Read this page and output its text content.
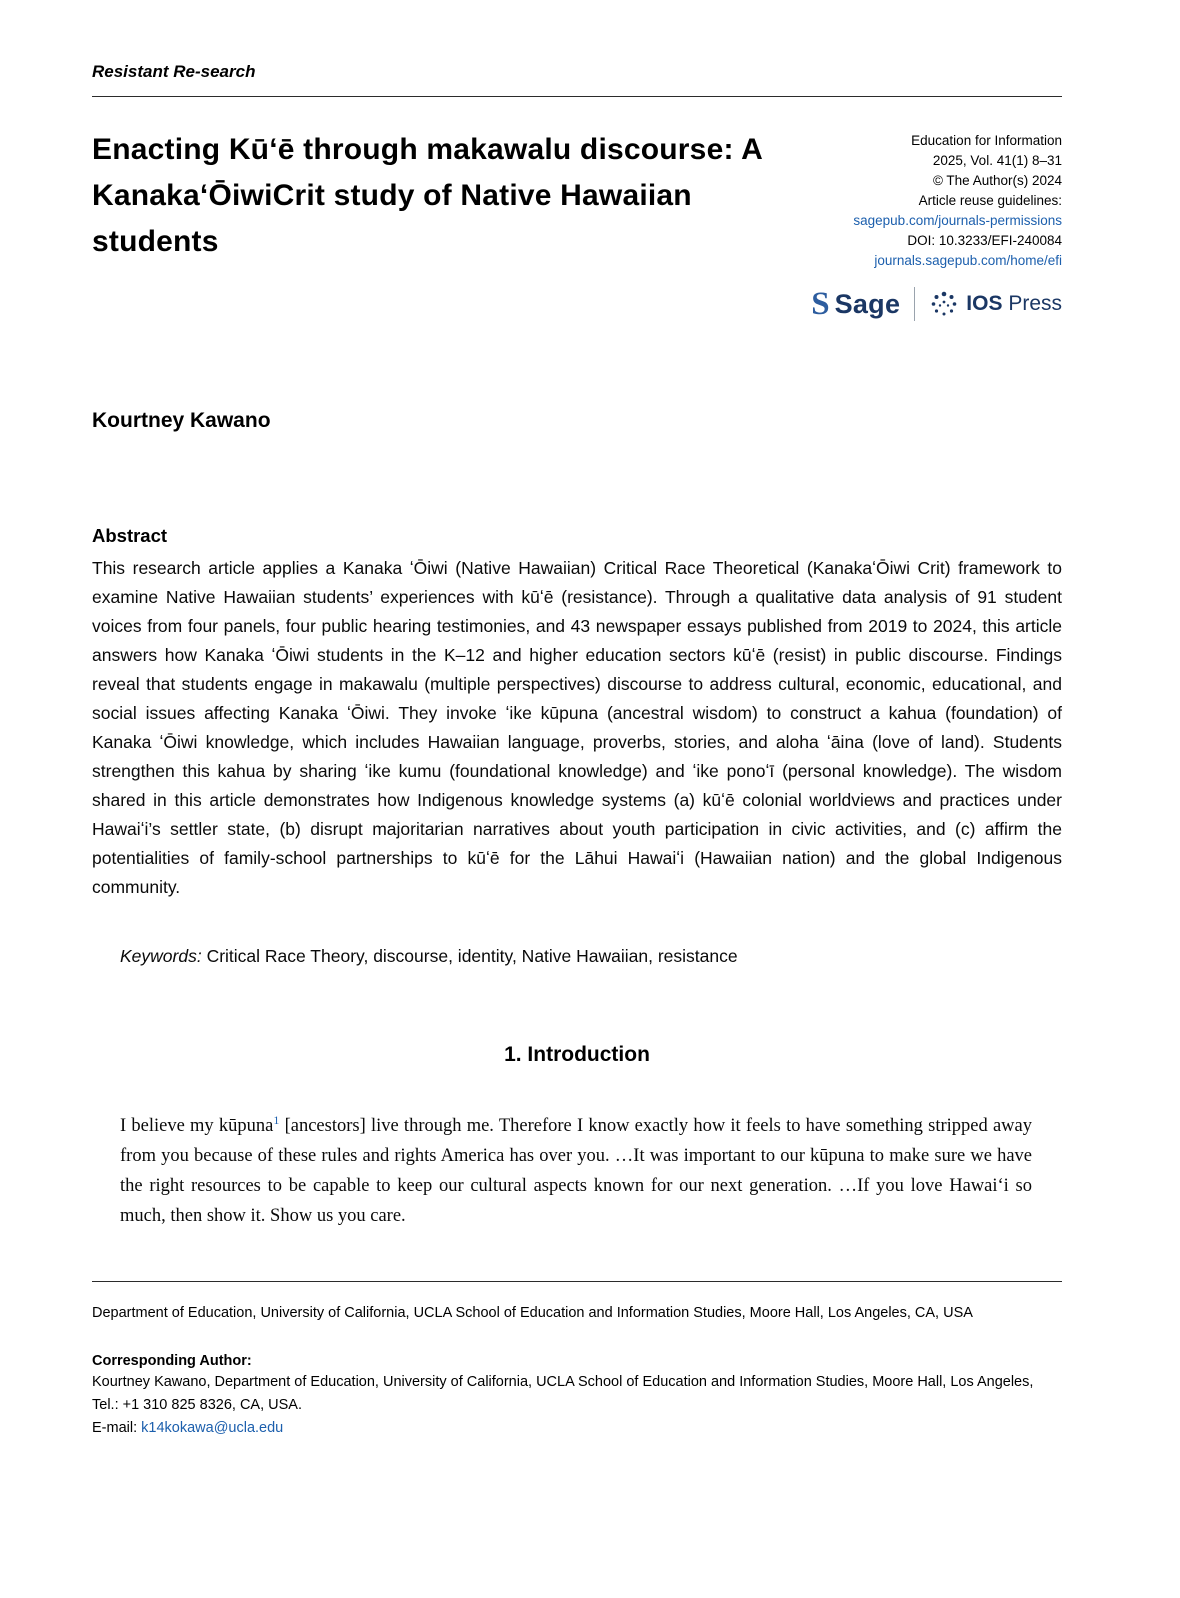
Resistant Re-search
Enacting Kūʻē through makawalu discourse: A KanakaʻŌiwiCrit study of Native Hawaiian students
Education for Information
2025, Vol. 41(1) 8–31
© The Author(s) 2024
Article reuse guidelines:
sagepub.com/journals-permissions
DOI: 10.3233/EFI-240084
journals.sagepub.com/home/efi
S Sage	IOS Press
Kourtney Kawano
Abstract

This research article applies a Kanaka ʻŌiwi (Native Hawaiian) Critical Race Theoretical (KanakaʻŌiwi Crit) framework to examine Native Hawaiian students’ experiences with kūʻē (resistance). Through a qualitative data analysis of 91 student voices from four panels, four public hearing testimonies, and 43 newspaper essays published from 2019 to 2024, this article answers how Kanaka ʻŌiwi students in the K–12 and higher education sectors kūʻē (resist) in public discourse. Findings reveal that students engage in makawalu (multiple perspectives) discourse to address cultural, economic, educational, and social issues affecting Kanaka ʻŌiwi. They invoke ʻike kūpuna (ancestral wisdom) to construct a kahua (foundation) of Kanaka ʻŌiwi knowledge, which includes Hawaiian language, proverbs, stories, and aloha ʻāina (love of land). Students strengthen this kahua by sharing ʻike kumu (foundational knowledge) and ʻike ponoʻī (personal knowledge). The wisdom shared in this article demonstrates how Indigenous knowledge systems (a) kūʻē colonial worldviews and practices under Hawaiʻi’s settler state, (b) disrupt majoritarian narratives about youth participation in civic activities, and (c) affirm the potentialities of family-school partnerships to kūʻē for the Lāhui Hawaiʻi (Hawaiian nation) and the global Indigenous community.

Keywords: Critical Race Theory, discourse, identity, Native Hawaiian, resistance
1. Introduction

I believe my kūpuna$^1$ [ancestors] live through me. Therefore I know exactly how it feels to have something stripped away from you because of these rules and rights America has over you. …It was important to our kūpuna to make sure we have the right resources to be capable to keep our cultural aspects known for our next generation. …If you love Hawaiʻi so much, then show it. Show us you care.

Department of Education, University of California, UCLA School of Education and Information Studies, Moore Hall, Los Angeles, CA, USA

Corresponding Author:

Kourtney Kawano, Department of Education, University of California, UCLA School of Education and Information Studies, Moore Hall, Los Angeles, Tel.: +1 310 825 8326, CA, USA.

E-mail: k14kokawa@ucla.edu
